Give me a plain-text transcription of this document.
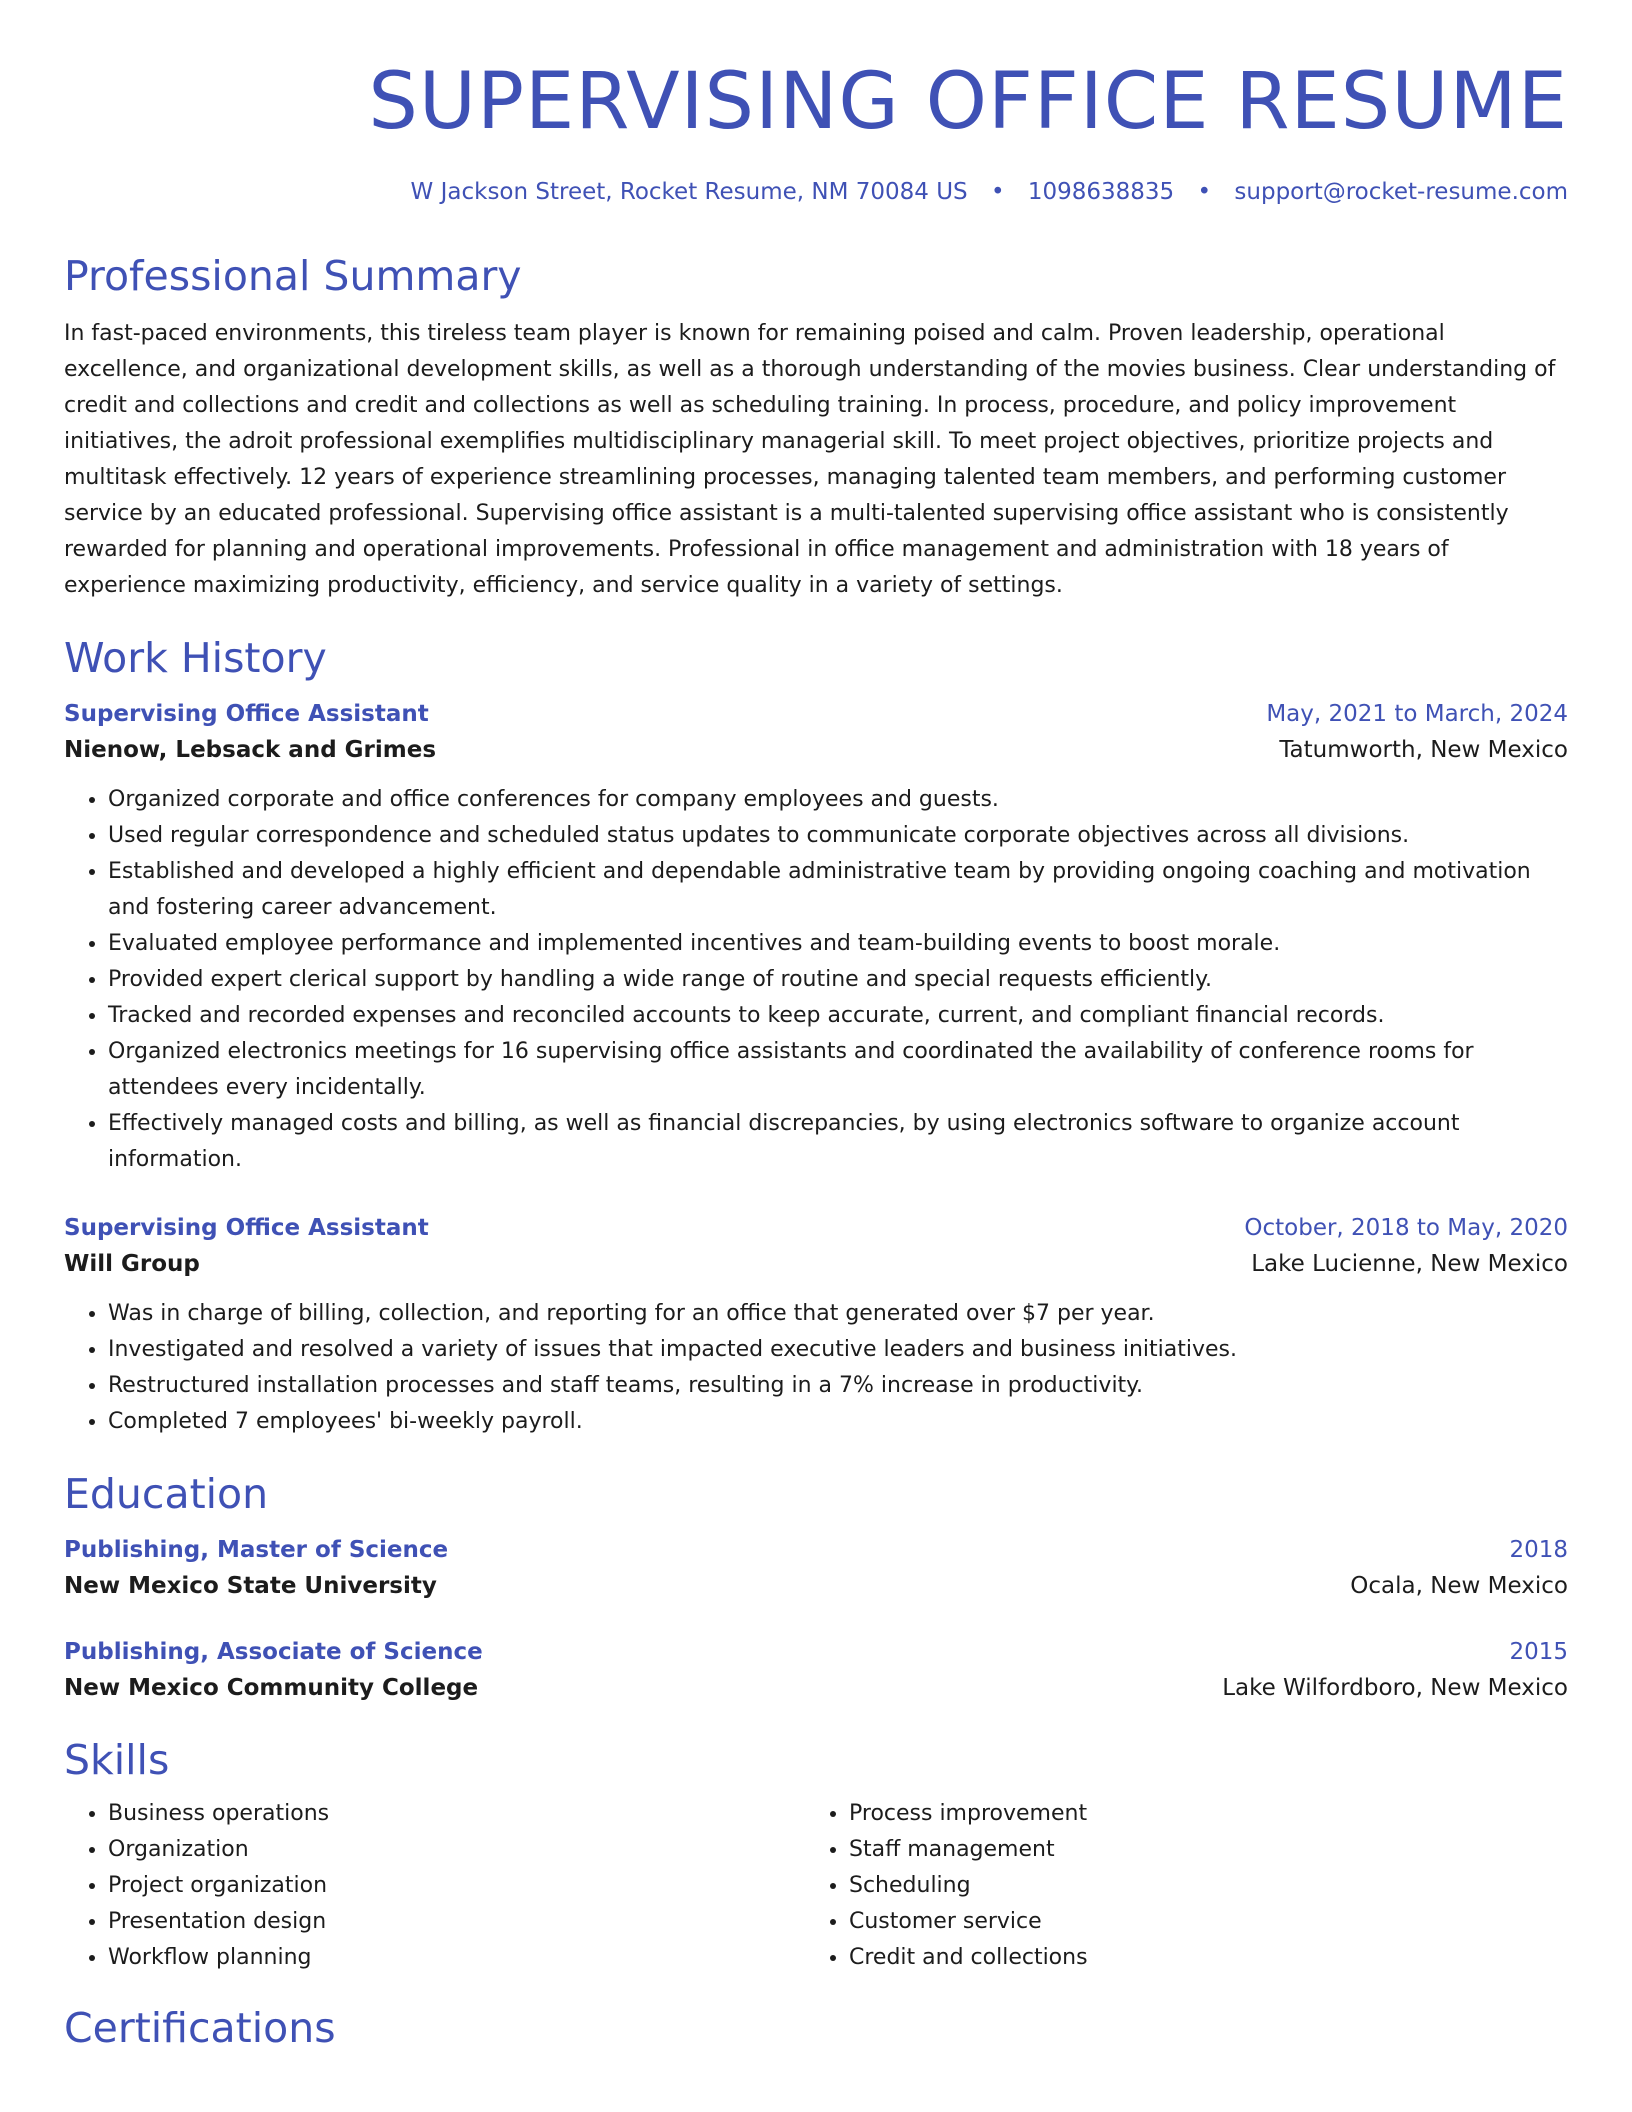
SUPERVISING OFFICE RESUME
W Jackson Street, Rocket Resume, NM 70084 US • 1098638835 • support@rocket-resume.com
Professional Summary
In fast-paced environments, this tireless team player is known for remaining poised and calm. Proven leadership, operational excellence, and organizational development skills, as well as a thorough understanding of the movies business. Clear understanding of credit and collections and credit and collections as well as scheduling training. In process, procedure, and policy improvement initiatives, the adroit professional exemplifies multidisciplinary managerial skill. To meet project objectives, prioritize projects and multitask effectively. 12 years of experience streamlining processes, managing talented team members, and performing customer service by an educated professional. Supervising office assistant is a multi-talented supervising office assistant who is consistently rewarded for planning and operational improvements. Professional in office management and administration with 18 years of experience maximizing productivity, efficiency, and service quality in a variety of settings.
Work History
Supervising Office Assistant	May, 2021 to March, 2024
Nienow, Lebsack and Grimes	Tatumworth, New Mexico
• Organized corporate and office conferences for company employees and guests.
• Used regular correspondence and scheduled status updates to communicate corporate objectives across all divisions.
• Established and developed a highly efficient and dependable administrative team by providing ongoing coaching and motivation and fostering career advancement.
• Evaluated employee performance and implemented incentives and team-building events to boost morale.
• Provided expert clerical support by handling a wide range of routine and special requests efficiently.
• Tracked and recorded expenses and reconciled accounts to keep accurate, current, and compliant financial records.
• Organized electronics meetings for 16 supervising office assistants and coordinated the availability of conference rooms for attendees every incidentally.
• Effectively managed costs and billing, as well as financial discrepancies, by using electronics software to organize account information.
Supervising Office Assistant	October, 2018 to May, 2020
Will Group	Lake Lucienne, New Mexico
• Was in charge of billing, collection, and reporting for an office that generated over $7 per year.
• Investigated and resolved a variety of issues that impacted executive leaders and business initiatives.
• Restructured installation processes and staff teams, resulting in a 7% increase in productivity.
• Completed 7 employees' bi-weekly payroll.
Education
Publishing, Master of Science	2018
New Mexico State University	Ocala, New Mexico
Publishing, Associate of Science	2015
New Mexico Community College	Lake Wilfordboro, New Mexico
Skills
• Business operations
• Organization
• Project organization
• Presentation design
• Workflow planning
• Process improvement
• Staff management
• Scheduling
• Customer service
• Credit and collections
Certifications
